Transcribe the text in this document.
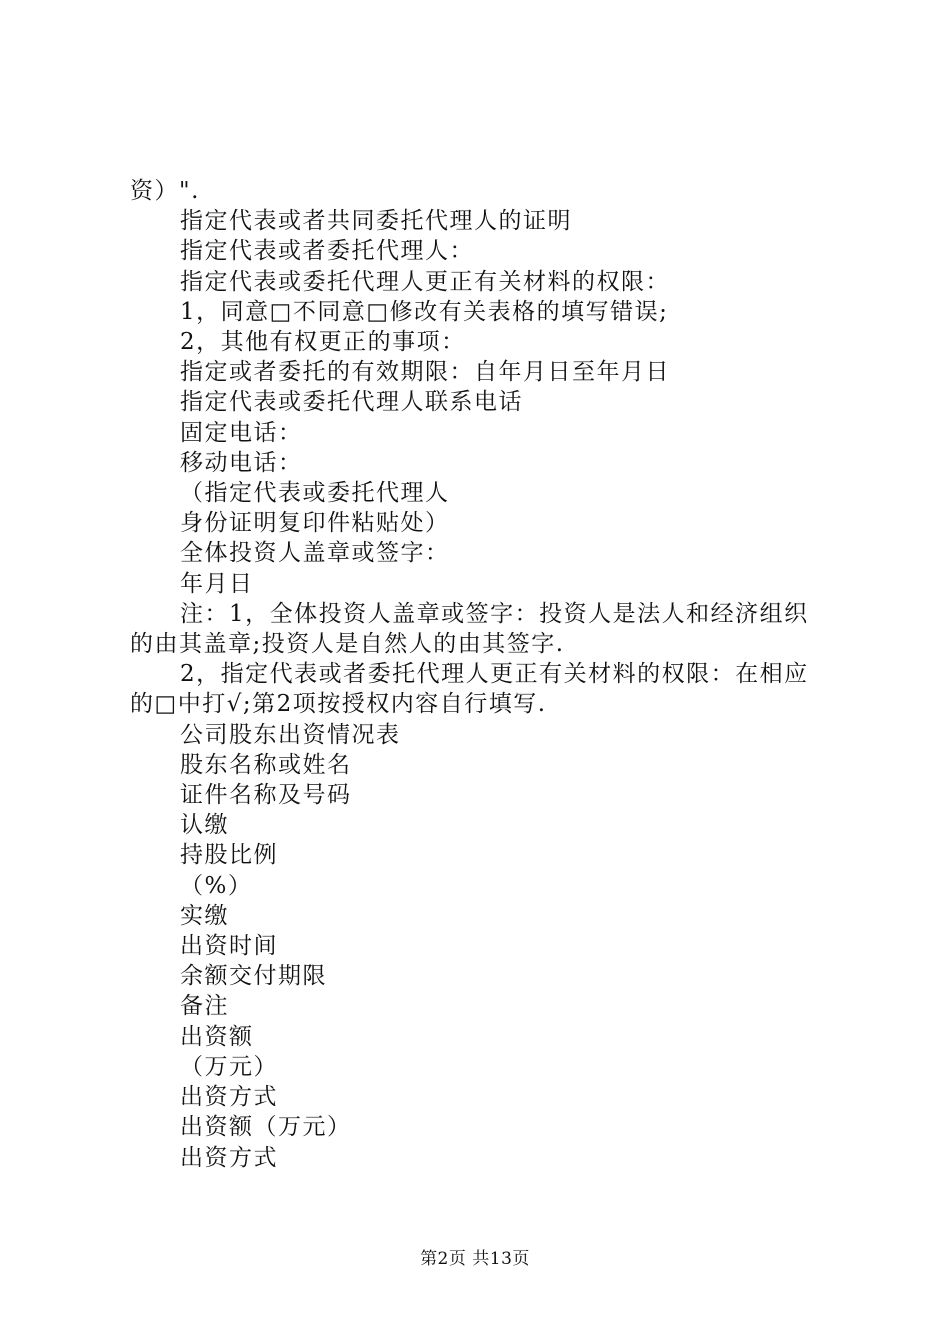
资）".
指定代表或者共同委托代理人的证明
指定代表或者委托代理人：
指定代表或委托代理人更正有关材料的权限：
1，同意□不同意□修改有关表格的填写错误;
2，其他有权更正的事项：
指定或者委托的有效期限：自年月日至年月日
指定代表或委托代理人联系电话
固定电话：
移动电话：
（指定代表或委托代理人
身份证明复印件粘贴处）
全体投资人盖章或签字：
年月日
注：1，全体投资人盖章或签字：投资人是法人和经济组织
的由其盖章;投资人是自然人的由其签字.
2，指定代表或者委托代理人更正有关材料的权限：在相应
的□中打√;第2项按授权内容自行填写.
公司股东出资情况表
股东名称或姓名
证件名称及号码
认缴
持股比例
（%）
实缴
出资时间
余额交付期限
备注
出资额
（万元）
出资方式
出资额（万元）
出资方式
第2页 共13页
